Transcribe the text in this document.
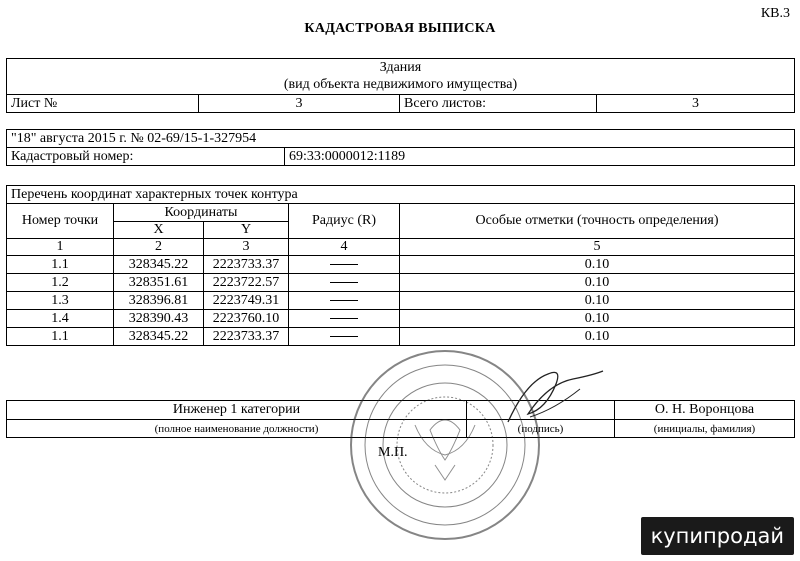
КВ.3
КАДАСТРОВАЯ ВЫПИСКА
Здания
(вид объекта недвижимого имущества)
Лист №	3	Всего листов:	3
"18" августа 2015 г. № 02-69/15-1-327954
Кадастровый номер:	69:33:0000012:1189
Перечень координат характерных точек контура				
Номер точки	Координаты		Радиус (R)	Особые отметки (точность определения)
	X	Y		
1	2	3	4	5
1.1	328345.22	2223733.37		0.10
1.2	328351.61	2223722.57		0.10
1.3	328396.81	2223749.31		0.10
1.4	328390.43	2223760.10		0.10
1.1	328345.22	2223733.37		0.10
Инженер 1 категории		О. Н. Воронцова
(полное наименование должности)	(подпись)	(инициалы, фамилия)
М.П.
купипродай
